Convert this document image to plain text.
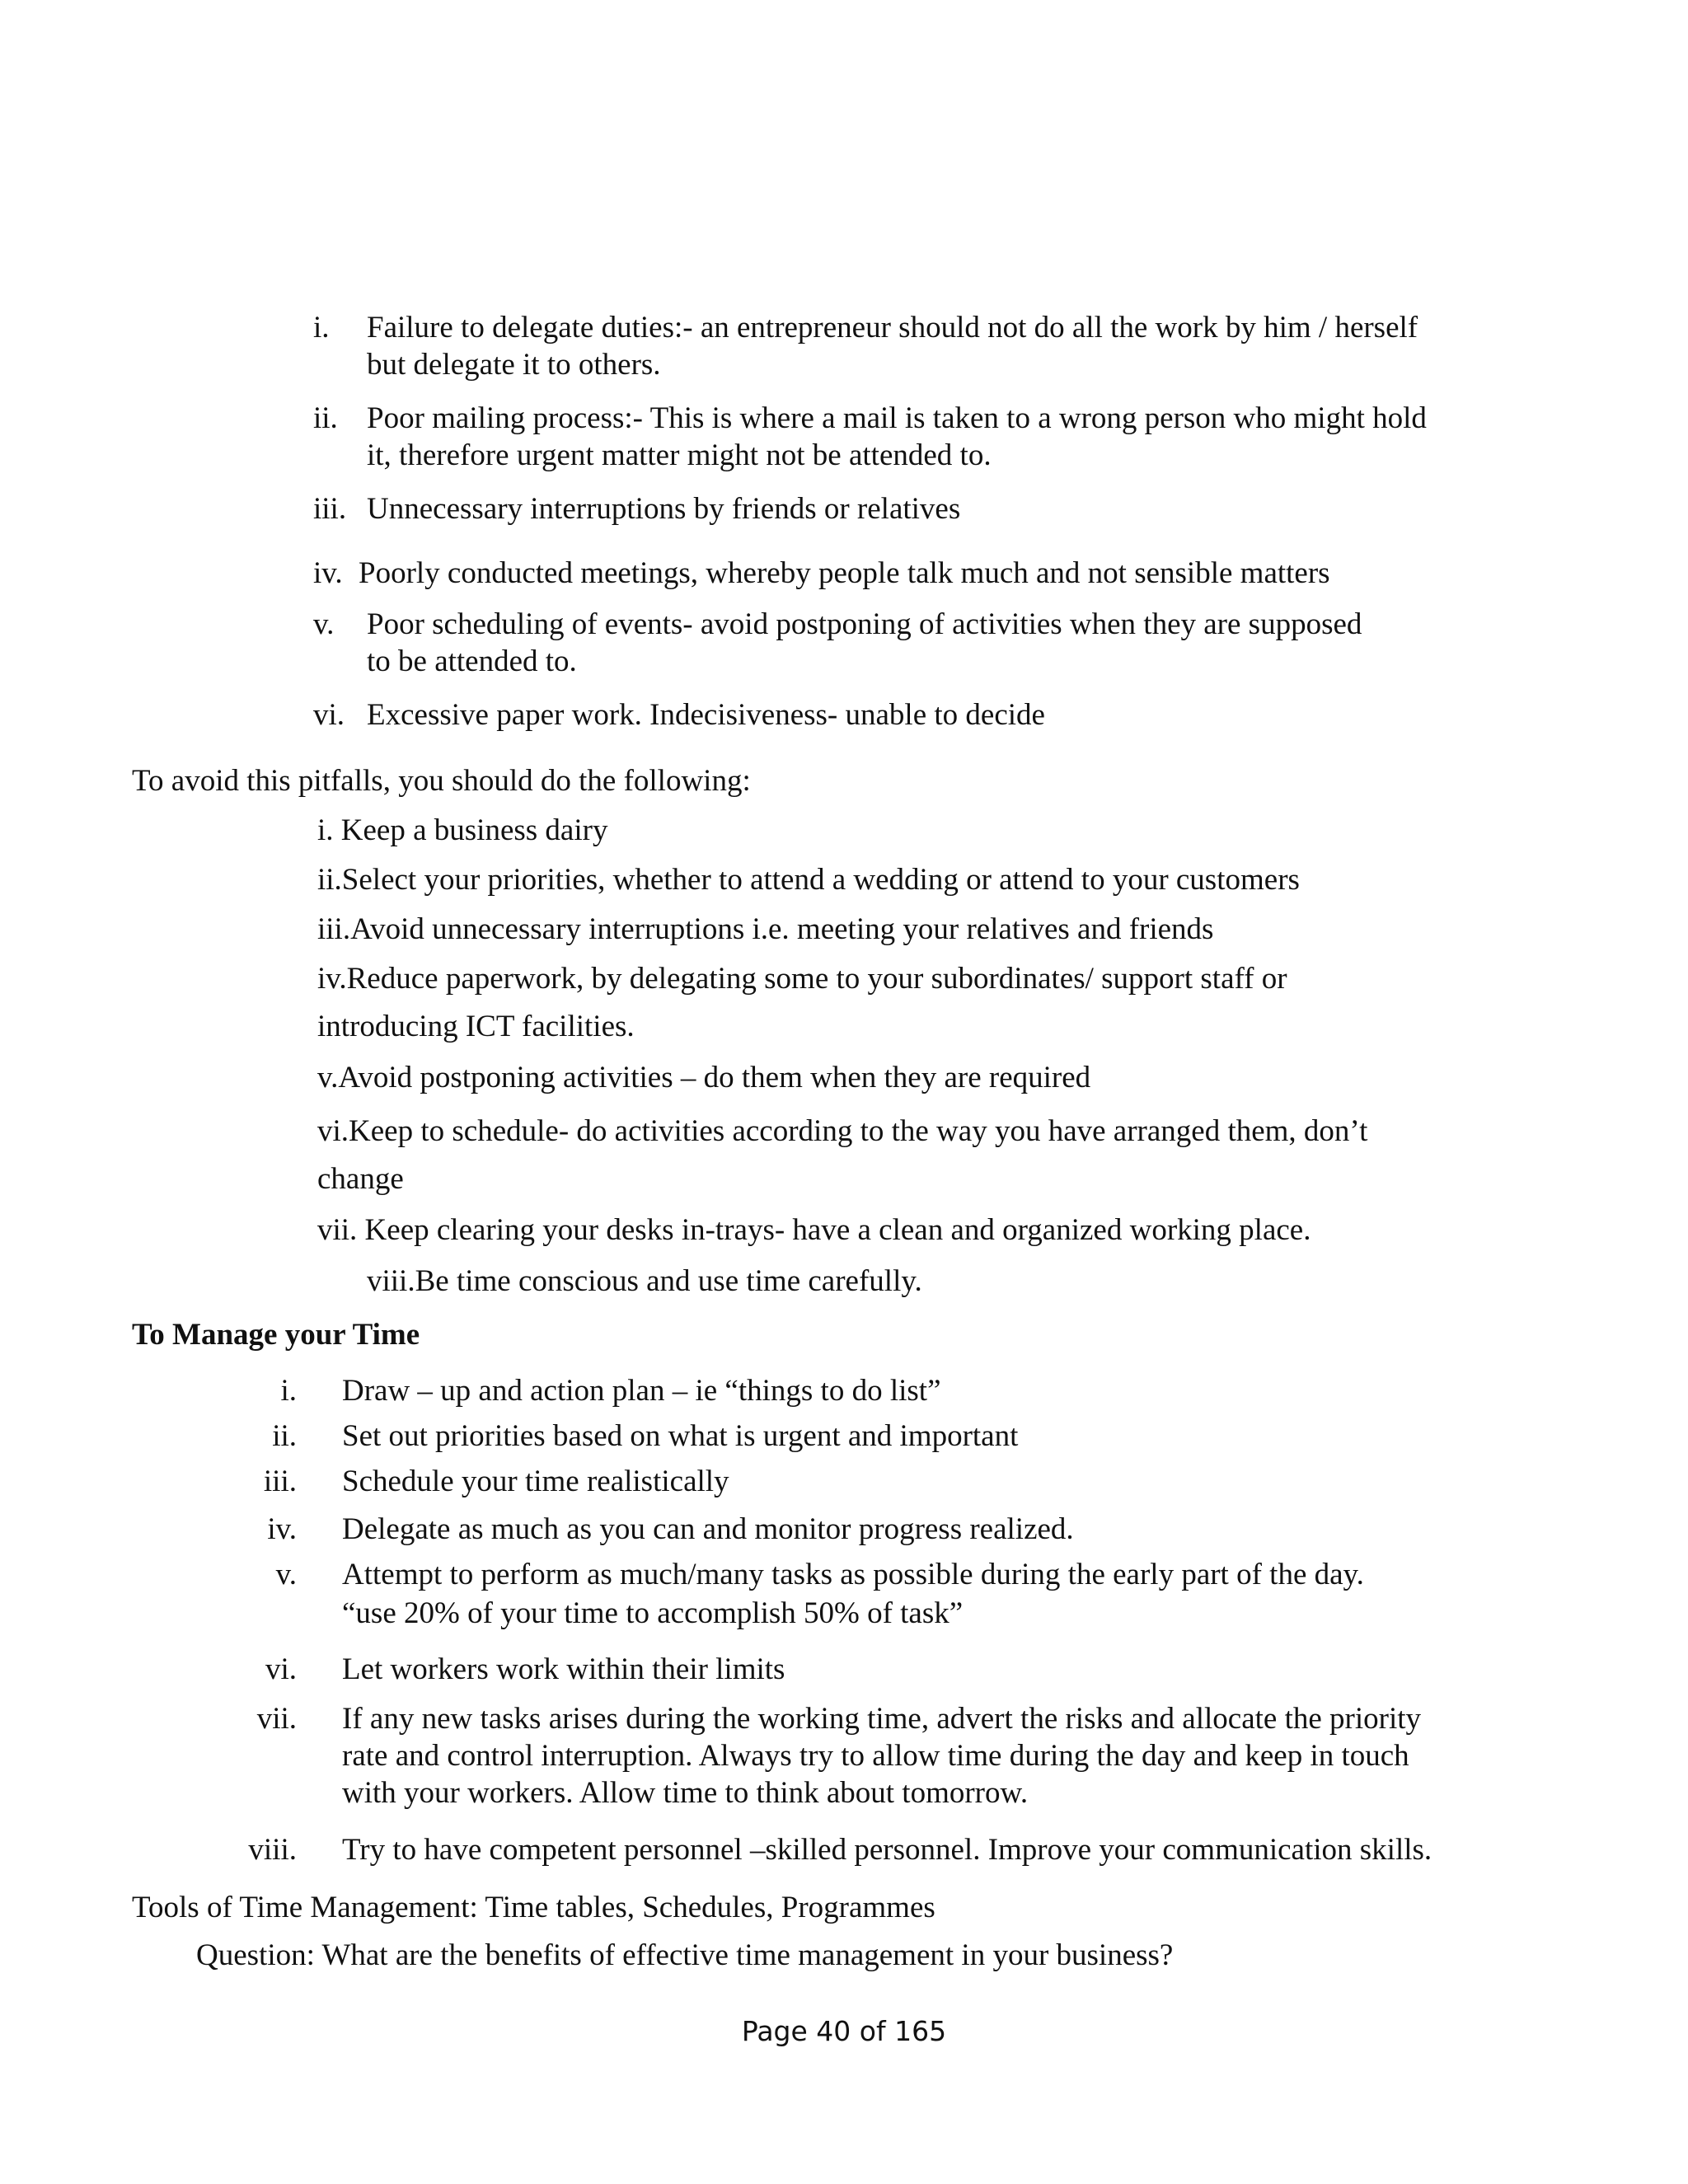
i. Failure to delegate duties:- an entrepreneur should not do all the work by him / herself
but delegate it to others.
ii. Poor mailing process:- This is where a mail is taken to a wrong person who might hold
it, therefore urgent matter might not be attended to.
iii. Unnecessary interruptions by friends or relatives
iv. Poorly conducted meetings, whereby people talk much and not sensible matters
v.	Poor scheduling of events- avoid postponing of activities when they are supposed
to be attended to.
vi. Excessive paper work. Indecisiveness- unable to decide
To avoid this pitfalls, you should do the following:
i. Keep a business dairy
ii.Select your priorities, whether to attend a wedding or attend to your customers
iii.Avoid unnecessary interruptions i.e. meeting your relatives and friends
iv.Reduce paperwork, by delegating some to your subordinates/ support staff or
introducing ICT facilities.
v.Avoid postponing activities – do them when they are required
vi.Keep to schedule- do activities according to the way you have arranged them, don’t
change
vii. Keep clearing your desks in-trays- have a clean and organized working place.
viii.Be time conscious and use time carefully.
To Manage your Time
i. Draw – up and action plan – ie “things to do list”
ii. Set out priorities based on what is urgent and important
iii. Schedule your time realistically
iv. Delegate as much as you can and monitor progress realized.
v. Attempt to perform as much/many tasks as possible during the early part of the day.
“use 20% of your time to accomplish 50% of task”
vi. Let workers work within their limits
vii. If any new tasks arises during the working time, advert the risks and allocate the priority
rate and control interruption. Always try to allow time during the day and keep in touch
with your workers. Allow time to think about tomorrow.
viii. Try to have competent personnel –skilled personnel. Improve your communication skills.
Tools of Time Management: Time tables, Schedules, Programmes
Question: What are the benefits of effective time management in your business?
Page 40 of 165
